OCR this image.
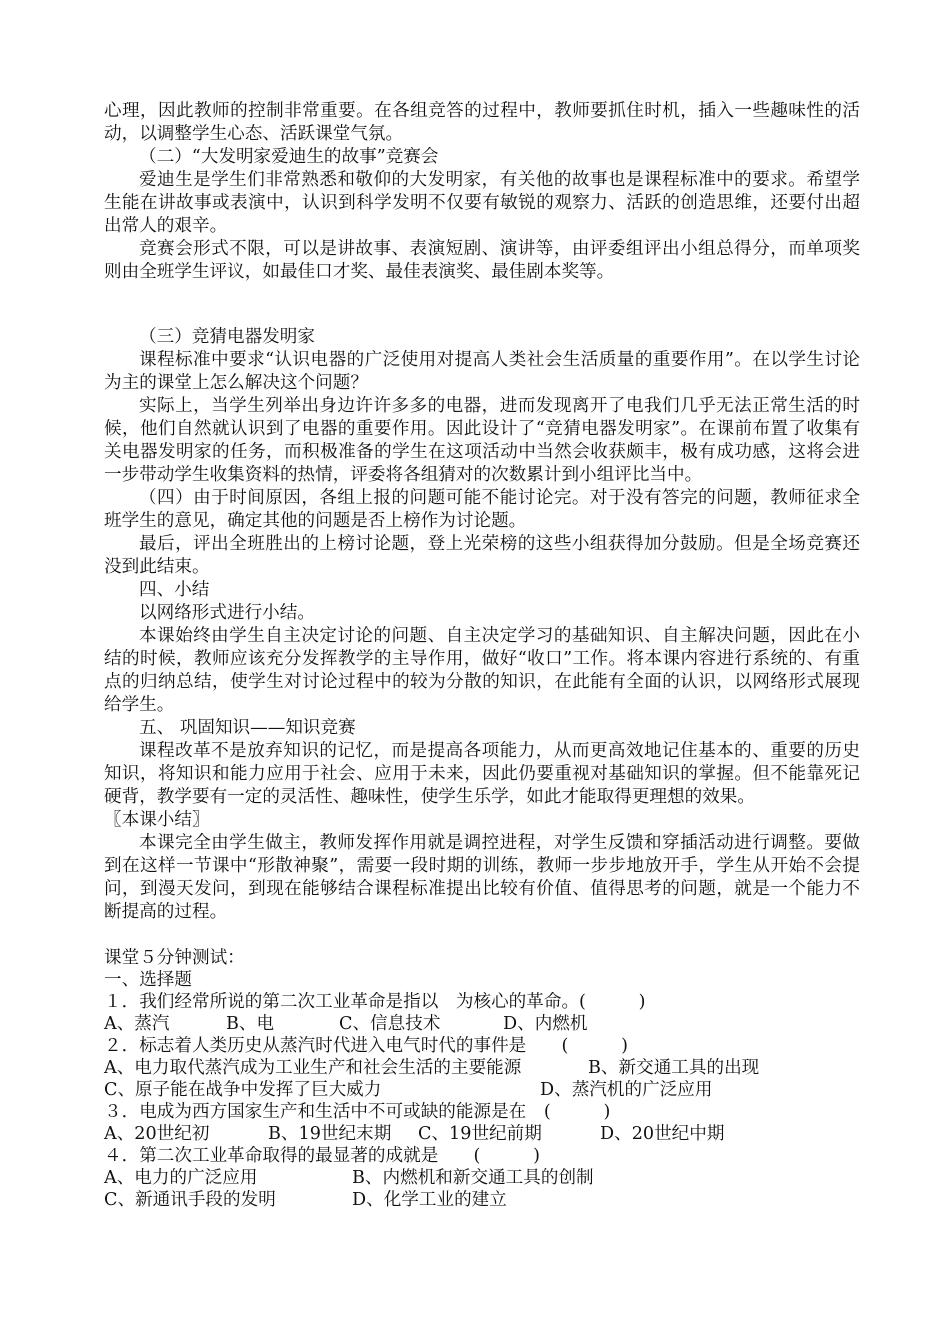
心理，因此教师的控制非常重要。在各组竞答的过程中，教师要抓住时机，插入一些趣味性的活动，以调整学生心态、活跃课堂气氛。

（二）“大发明家爱迪生的故事”竞赛会

爱迪生是学生们非常熟悉和敬仰的大发明家，有关他的故事也是课程标准中的要求。希望学生能在讲故事或表演中，认识到科学发明不仅要有敏锐的观察力、活跃的创造思维，还要付出超出常人的艰辛。

竞赛会形式不限，可以是讲故事、表演短剧、演讲等，由评委组评出小组总得分，而单项奖则由全班学生评议，如最佳口才奖、最佳表演奖、最佳剧本奖等。

（三）竞猜电器发明家

课程标准中要求“认识电器的广泛使用对提高人类社会生活质量的重要作用”。在以学生讨论为主的课堂上怎么解决这个问题？

实际上，当学生列举出身边许许多多的电器，进而发现离开了电我们几乎无法正常生活的时候，他们自然就认识到了电器的重要作用。因此设计了“竞猜电器发明家”。在课前布置了收集有关电器发明家的任务，而积极准备的学生在这项活动中当然会收获颇丰，极有成功感，这将会进一步带动学生收集资料的热情，评委将各组猜对的次数累计到小组评比当中。

（四）由于时间原因，各组上报的问题可能不能讨论完。对于没有答完的问题，教师征求全班学生的意见，确定其他的问题是否上榜作为讨论题。

最后，评出全班胜出的上榜讨论题，登上光荣榜的这些小组获得加分鼓励。但是全场竞赛还没到此结束。

四、小结

以网络形式进行小结。

本课始终由学生自主决定讨论的问题、自主决定学习的基础知识、自主解决问题，因此在小结的时候，教师应该充分发挥教学的主导作用，做好“收口”工作。将本课内容进行系统的、有重点的归纳总结，使学生对讨论过程中的较为分散的知识，在此能有全面的认识，以网络形式展现给学生。

五、 巩固知识——知识竞赛

课程改革不是放弃知识的记忆，而是提高各项能力，从而更高效地记住基本的、重要的历史知识，将知识和能力应用于社会、应用于未来，因此仍要重视对基础知识的掌握。但不能靠死记硬背，教学要有一定的灵活性、趣味性，使学生乐学，如此才能取得更理想的效果。

〖本课小结〗

本课完全由学生做主，教师发挥作用就是调控进程，对学生反馈和穿插活动进行调整。要做到在这样一节课中“形散神聚”，需要一段时期的训练，教师一步步地放开手，学生从开始不会提问，到漫天发问，到现在能够结合课程标准提出比较有价值、值得思考的问题，就是一个能力不断提高的过程。

课堂５分钟测试：
一、选择题
１．我们经常所说的第二次工业革命是指以　为核心的革命。(　　　)
A、蒸汽	B、电	C、信息技术	D、内燃机
２．标志着人类历史从蒸汽时代进入电气时代的事件是　　(　　　)
A、电力取代蒸汽成为工业生产和社会生活的主要能源	B、新交通工具的出现
C、原子能在战争中发挥了巨大威力	D、蒸汽机的广泛应用
３．电成为西方国家生产和生活中不可或缺的能源是在　(　　　)
A、20世纪初	B、19世纪末期	C、19世纪前期	D、20世纪中期
４．第二次工业革命取得的最显著的成就是　　(　　　)
A、电力的广泛应用	B、内燃机和新交通工具的创制
C、新通讯手段的发明	D、化学工业的建立
